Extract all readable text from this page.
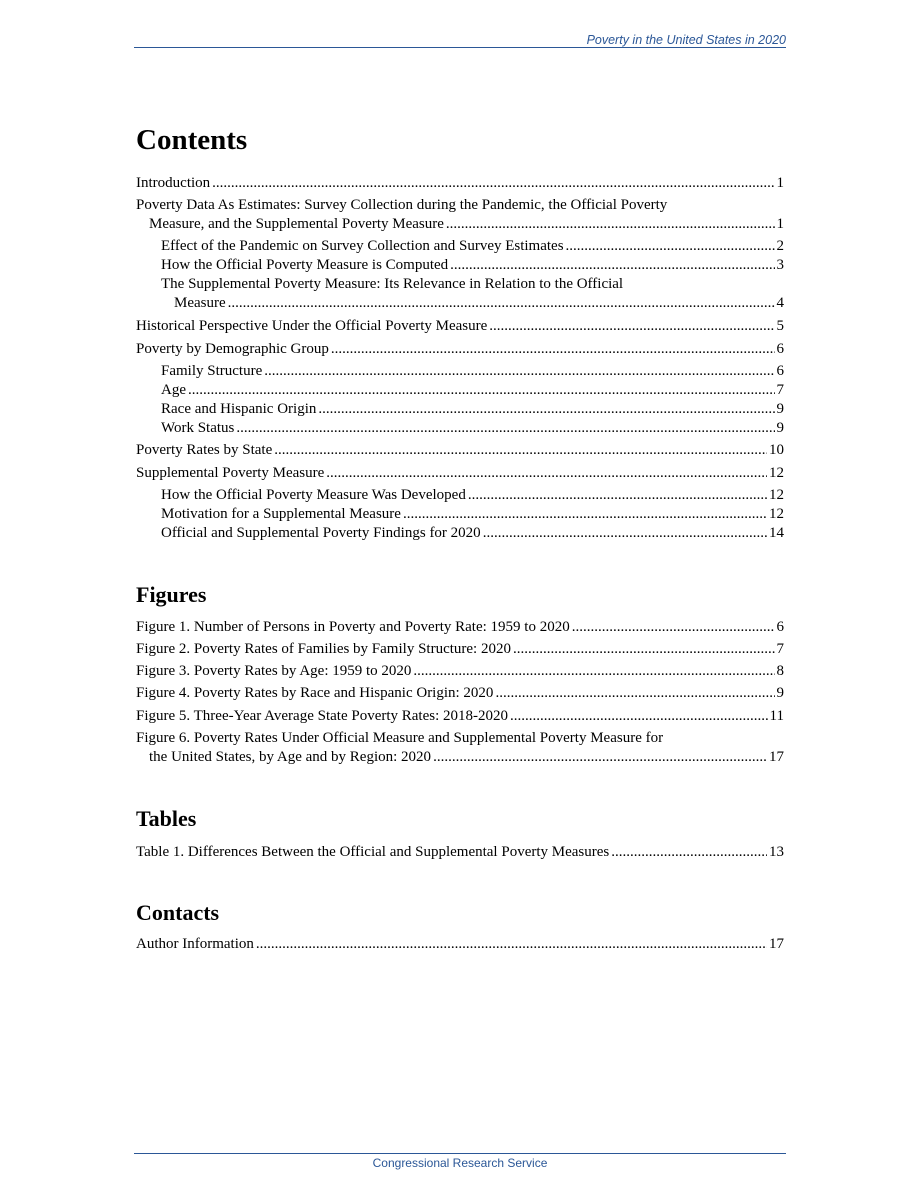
Poverty in the United States in 2020
Contents
Introduction .....	1
Poverty Data As Estimates: Survey Collection during the Pandemic, the Official Poverty
Measure, and the Supplemental Poverty Measure .....	1
Effect of the Pandemic on Survey Collection and Survey Estimates .....	2
How the Official Poverty Measure is Computed .....	3
The Supplemental Poverty Measure: Its Relevance in Relation to the Official
Measure .....	4
Historical Perspective Under the Official Poverty Measure .....	5
Poverty by Demographic Group .....	6
Family Structure .....	6
Age .....	7
Race and Hispanic Origin .....	9
Work Status .....	9
Poverty Rates by State .....	10
Supplemental Poverty Measure .....	12
How the Official Poverty Measure Was Developed .....	12
Motivation for a Supplemental Measure .....	12
Official and Supplemental Poverty Findings for 2020 .....	14
Figures
Figure 1. Number of Persons in Poverty and Poverty Rate: 1959 to 2020 .....	6
Figure 2. Poverty Rates of Families by Family Structure: 2020 .....	7
Figure 3. Poverty Rates by Age: 1959 to 2020 .....	8
Figure 4. Poverty Rates by Race and Hispanic Origin: 2020 .....	9
Figure 5. Three-Year Average State Poverty Rates: 2018-2020 .....	11
Figure 6. Poverty Rates Under Official Measure and Supplemental Poverty Measure for
the United States, by Age and by Region: 2020 .....	17
Tables
Table 1. Differences Between the Official and Supplemental Poverty Measures .....	13
Contacts
Author Information .....	17
Congressional Research Service
